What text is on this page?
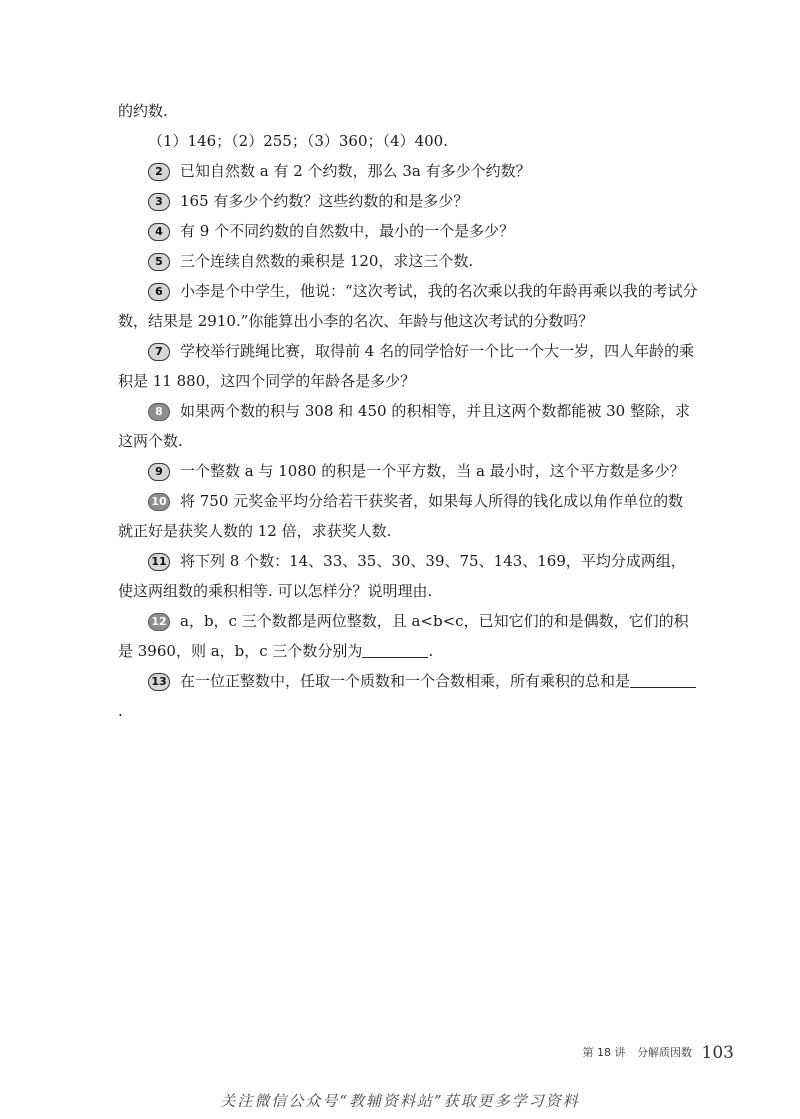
的约数.

（1）146；（2）255；（3）360；（4）400.

2 已知自然数 a 有 2 个约数，那么 3a 有多少个约数？

3 165 有多少个约数？这些约数的和是多少？

4 有 9 个不同约数的自然数中，最小的一个是多少？

5 三个连续自然数的乘积是 120，求这三个数.

6 小李是个中学生，他说：“这次考试，我的名次乘以我的年龄再乘以我的考试分数，结果是 2910.”你能算出小李的名次、年龄与他这次考试的分数吗？

7 学校举行跳绳比赛，取得前 4 名的同学恰好一个比一个大一岁，四人年龄的乘积是 11 880，这四个同学的年龄各是多少？

8 如果两个数的积与 308 和 450 的积相等，并且这两个数都能被 30 整除，求这两个数.

9 一个整数 a 与 1080 的积是一个平方数，当 a 最小时，这个平方数是多少？

10 将 750 元奖金平均分给若干获奖者，如果每人所得的钱化成以角作单位的数就正好是获奖人数的 12 倍，求获奖人数.

11 将下列 8 个数：14、33、35、30、39、75、143、169，平均分成两组，使这两组数的乘积相等. 可以怎样分？说明理由.

12 a，b，c 三个数都是两位整数，且 a<b<c，已知它们的和是偶数，它们的积是 3960，则 a，b，c 三个数分别为	.

13 在一位正整数中，任取一个质数和一个合数相乘，所有乘积的总和是.

第 18 讲 分解质因数 103
关注微信公众号“教辅资料站”获取更多学习资料
